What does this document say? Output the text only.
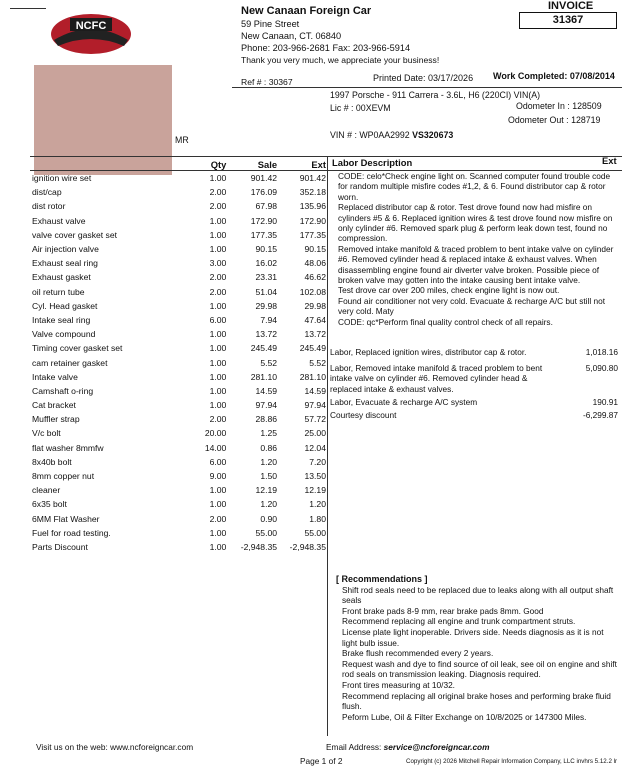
NCFC
New Canaan Foreign Car
59 Pine Street
New Canaan, CT. 06840
Phone: 203-966-2681 Fax: 203-966-5914
Thank you very much, we appreciate your business!
INVOICE
31367
Ref # : 30367	Printed Date: 03/17/2026 Work Completed: 07/08/2014
1997 Porsche - 911 Carrera - 3.6L, H6 (220CI) VIN(A)
Lic # : 00XEVM	Odometer In : 128509
Odometer Out : 128719
VIN # : WP0AA2992 VS320673
MR
	Qty	Sale	Ext
ignition wire set	1.00	901.42	901.42
dist/cap	2.00	176.09	352.18
dist rotor	2.00	67.98	135.96
Exhaust valve	1.00	172.90	172.90
valve cover gasket set	1.00	177.35	177.35
Air injection valve	1.00	90.15	90.15
Exhaust seal ring	3.00	16.02	48.06
Exhaust gasket	2.00	23.31	46.62
oil return tube	2.00	51.04	102.08
Cyl. Head gasket	1.00	29.98	29.98
Intake seal ring	6.00	7.94	47.64
Valve compound	1.00	13.72	13.72
Timing cover gasket set	1.00	245.49	245.49
cam retainer gasket	1.00	5.52	5.52
Intake valve	1.00	281.10	281.10
Camshaft o-ring	1.00	14.59	14.59
Cat bracket	1.00	97.94	97.94
Muffler strap	2.00	28.86	57.72
V/c bolt	20.00	1.25	25.00
flat washer 8mmfw	14.00	0.86	12.04
8x40b bolt	6.00	1.20	7.20
8mm copper nut	9.00	1.50	13.50
cleaner	1.00	12.19	12.19
6x35 bolt	1.00	1.20	1.20
6MM Flat Washer	2.00	0.90	1.80
Fuel for road testing.	1.00	55.00	55.00
Parts Discount	1.00	-2,948.35	-2,948.35
Labor Description	Ext

CODE: celo*Check engine light on. Scanned computer found trouble code for random multiple misfire codes #1,2, & 6. Found distributor cap & rotor worn.

Replaced distributor cap & rotor. Test drove found now had misfire on cylinders #5 & 6. Replaced ignition wires & test drove found now misfire on only cylinder #6. Removed spark plug & perform leak down test, found no compression.

Removed intake manifold & traced problem to bent intake valve on cylinder #6. Removed cylinder head & replaced intake & exhaust valves. When disassembling engine found air diverter valve broken. Possible piece of broken valve may gotten into the intake causing bent intake valve.

Test drove car over 200 miles, check engine light is now out.

Found air conditioner not very cold. Evacuate & recharge A/C but still not very cold. Maty

CODE: qc*Perform final quality control check of all repairs.

Labor, Replaced ignition wires, distributor cap & rotor.	1,018.16
Labor, Removed intake manifold & traced problem to bent intake valve on cylinder #6. Removed cylinder head & replaced intake & exhaust valves.
5,090.80
Labor, Evacuate & recharge A/C system	190.91
Courtesy discount	-6,299.87
[ Recommendations ]

Shift rod seals need to be replaced due to leaks along with all output shaft seals

Front brake pads 8-9 mm, rear brake pads 8mm. Good

Recommend replacing all engine and trunk compartment struts.

License plate light inoperable. Drivers side. Needs diagnosis as it is not light bulb issue.

Brake flush recommended every 2 years.

Request wash and dye to find source of oil leak, see oil on engine and shift rod seals on transmission leaking. Diagnosis required.

Front tires measuring at 10/32.

Recommend replacing all original brake hoses and performing brake fluid flush.

Peform Lube, Oil & Filter Exchange on 10/8/2025 or 147300 Miles.

Visit us on the web: www.ncforeigncar.com	Email Address: service@ncforeigncar.com
Page 1 of 2	Copyright (c) 2026 Mitchell Repair Information Company, LLC invhrs 5.12.2 lr
